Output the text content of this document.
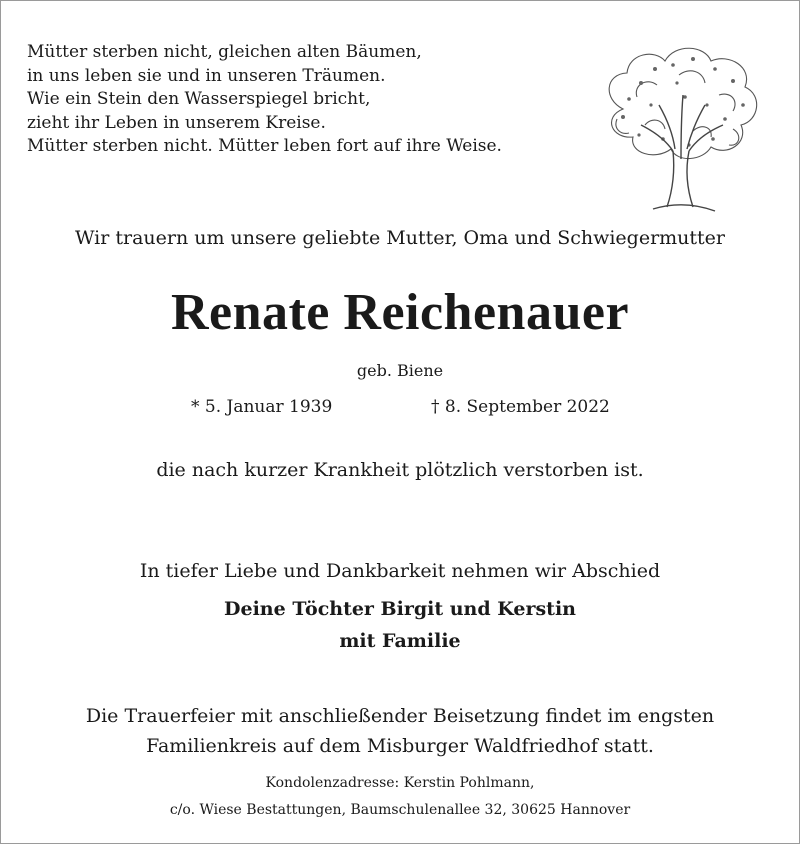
Mütter sterben nicht, gleichen alten Bäumen,
in uns leben sie und in unseren Träumen.
Wie ein Stein den Wasserspiegel bricht,
zieht ihr Leben in unserem Kreise.
Mütter sterben nicht. Mütter leben fort auf ihre Weise.
Wir trauern um unsere geliebte Mutter, Oma und Schwiegermutter
Renate Reichenauer
geb. Biene
* 5. Januar 1939	† 8. September 2022
die nach kurzer Krankheit plötzlich verstorben ist.
In tiefer Liebe und Dankbarkeit nehmen wir Abschied
Deine Töchter Birgit und Kerstin
mit Familie
Die Trauerfeier mit anschließender Beisetzung findet im engsten
Familienkreis auf dem Misburger Waldfriedhof statt.
Kondolenzadresse: Kerstin Pohlmann,
c/o. Wiese Bestattungen, Baumschulenallee 32, 30625 Hannover
